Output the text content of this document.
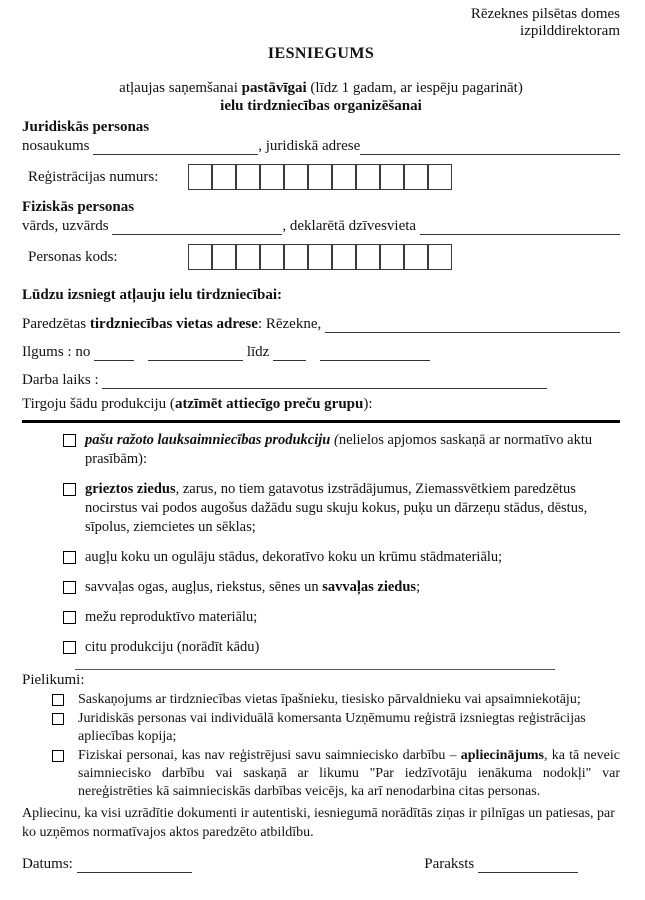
Rēzeknes pilsētas domes
izpilddirektoram
IESNIEGUMS
atļaujas saņemšanai pastāvīgai (līdz 1 gadam, ar iespēju pagarināt)
ielu tirdzniecības organizēšanai
Juridiskās personas
nosaukums	, juridiskā adrese
Reģistrācijas numurs:
Fiziskās personas
vārds, uzvārds	, deklarētā dzīvesvieta
Personas kods:
Lūdzu izsniegt atļauju ielu tirdzniecībai:
Paredzētas tirdzniecības vietas adrese : Rēzekne,
Ilgums : no	līdz
Darba laiks :
Tirgoju šādu produkciju (atzīmēt attiecīgo preču grupu):
pašu ražoto lauksaimniecības produkciju (nelielos apjomos saskaņā ar normatīvo aktu prasībām):
grieztos ziedus, zarus, no tiem gatavotus izstrādājumus, Ziemassvētkiem paredzētus nocirstus vai podos augošus dažādu sugu skuju kokus, puķu un dārzeņu stādus, dēstus, sīpolus, ziemcietes un sēklas;
augļu koku un ogulāju stādus, dekoratīvo koku un krūmu stādmateriālu;
savvaļas ogas, augļus, riekstus, sēnes un savvaļas ziedus;
mežu reproduktīvo materiālu;
citu produkciju (norādīt kādu)
Pielikumi:
Saskaņojums ar tirdzniecības vietas īpašnieku, tiesisko pārvaldnieku vai apsaimniekotāju;
Juridiskās personas vai individuālā komersanta Uzņēmumu reģistrā izsniegtas reģistrācijas apliecības kopija;
Fiziskai personai, kas nav reģistrējusi savu saimniecisko darbību – apliecinājums, ka tā neveic saimniecisko darbību vai saskaņā ar likumu "Par iedzīvotāju ienākuma nodokļi" var nereģistrēties kā saimnieciskās darbības veicējs, ka arī nenodarbina citas personas.
Apliecinu, ka visi uzrādītie dokumenti ir autentiski, iesniegumā norādītās ziņas ir pilnīgas un patiesas, par ko uzņēmos normatīvajos aktos paredzēto atbildību.
Datums:	Paraksts
